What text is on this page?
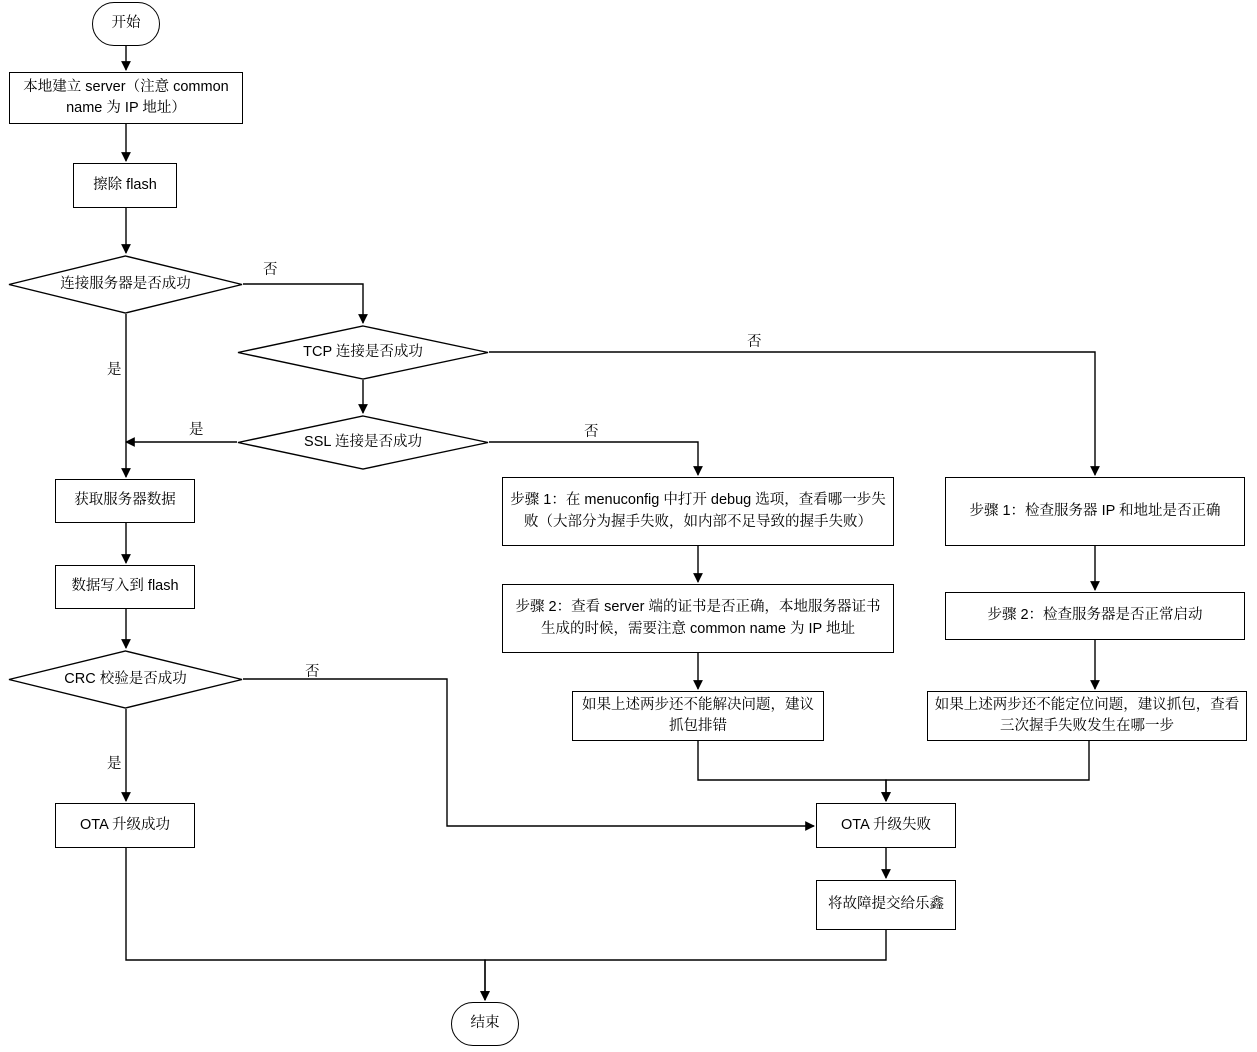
开始
本地建立 server（注意 common name 为 IP 地址）
擦除 flash
连接服务器是否成功
TCP 连接是否成功
SSL 连接是否成功
获取服务器数据
数据写入到 flash
CRC 校验是否成功
OTA 升级成功
步骤 1：在 menuconfig 中打开 debug 选项，查看哪一步失败（大部分为握手失败，如内部不足导致的握手失败）
步骤 2：查看 server 端的证书是否正确，本地服务器证书生成的时候，需要注意 common name 为 IP 地址
如果上述两步还不能解决问题，建议抓包排错
步骤 1：检查服务器 IP 和地址是否正确
步骤 2：检查服务器是否正常启动
如果上述两步还不能定位问题，建议抓包，查看三次握手失败发生在哪一步
OTA 升级失败
将故障提交给乐鑫
结束
否
是
否
是	否
否
是
